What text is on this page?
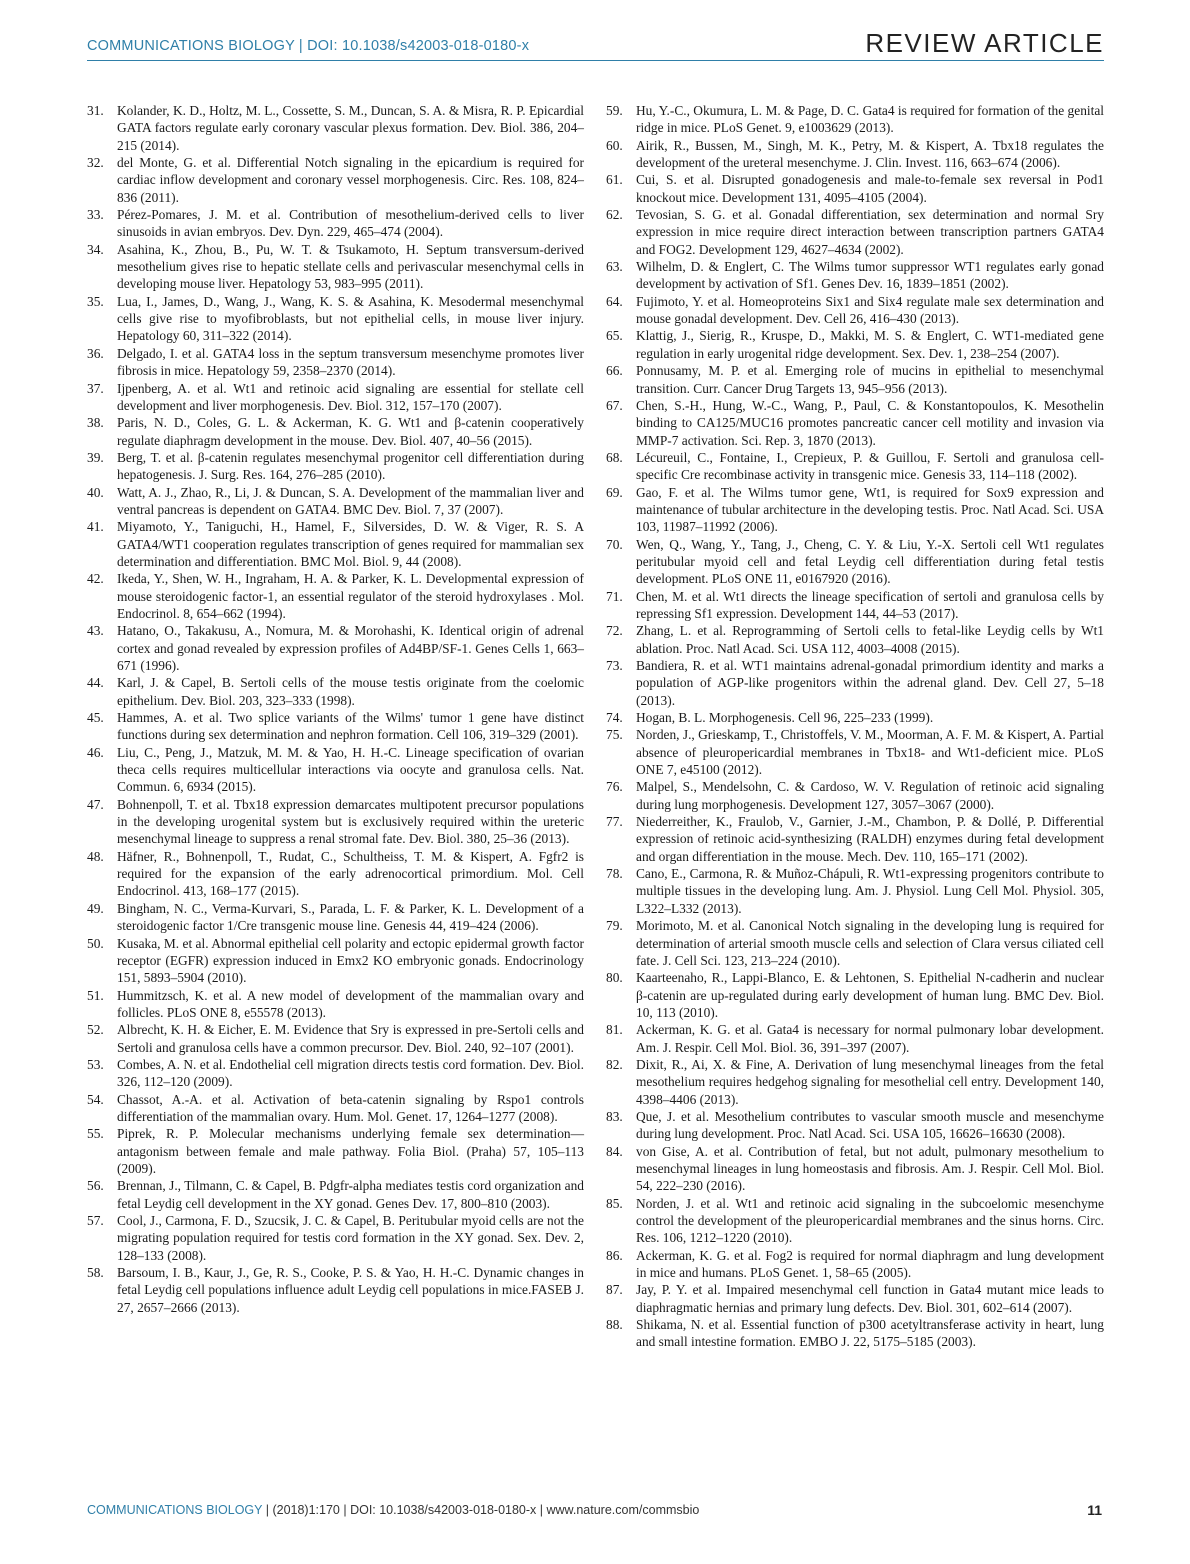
COMMUNICATIONS BIOLOGY | DOI: 10.1038/s42003-018-0180-x	REVIEW ARTICLE
31. Kolander, K. D., Holtz, M. L., Cossette, S. M., Duncan, S. A. & Misra, R. P. Epicardial GATA factors regulate early coronary vascular plexus formation. Dev. Biol. 386, 204–215 (2014).
32. del Monte, G. et al. Differential Notch signaling in the epicardium is required for cardiac inflow development and coronary vessel morphogenesis. Circ. Res. 108, 824–836 (2011).
33. Pérez-Pomares, J. M. et al. Contribution of mesothelium-derived cells to liver sinusoids in avian embryos. Dev. Dyn. 229, 465–474 (2004).
34. Asahina, K., Zhou, B., Pu, W. T. & Tsukamoto, H. Septum transversum-derived mesothelium gives rise to hepatic stellate cells and perivascular mesenchymal cells in developing mouse liver. Hepatology 53, 983–995 (2011).
35. Lua, I., James, D., Wang, J., Wang, K. S. & Asahina, K. Mesodermal mesenchymal cells give rise to myofibroblasts, but not epithelial cells, in mouse liver injury. Hepatology 60, 311–322 (2014).
36. Delgado, I. et al. GATA4 loss in the septum transversum mesenchyme promotes liver fibrosis in mice. Hepatology 59, 2358–2370 (2014).
37. Ijpenberg, A. et al. Wt1 and retinoic acid signaling are essential for stellate cell development and liver morphogenesis. Dev. Biol. 312, 157–170 (2007).
38. Paris, N. D., Coles, G. L. & Ackerman, K. G. Wt1 and β-catenin cooperatively regulate diaphragm development in the mouse. Dev. Biol. 407, 40–56 (2015).
39. Berg, T. et al. β-catenin regulates mesenchymal progenitor cell differentiation during hepatogenesis. J. Surg. Res. 164, 276–285 (2010).
40. Watt, A. J., Zhao, R., Li, J. & Duncan, S. A. Development of the mammalian liver and ventral pancreas is dependent on GATA4. BMC Dev. Biol. 7, 37 (2007).
41. Miyamoto, Y., Taniguchi, H., Hamel, F., Silversides, D. W. & Viger, R. S. A GATA4/WT1 cooperation regulates transcription of genes required for mammalian sex determination and differentiation. BMC Mol. Biol. 9, 44 (2008).
42. Ikeda, Y., Shen, W. H., Ingraham, H. A. & Parker, K. L. Developmental expression of mouse steroidogenic factor-1, an essential regulator of the steroid hydroxylases . Mol. Endocrinol. 8, 654–662 (1994).
43. Hatano, O., Takakusu, A., Nomura, M. & Morohashi, K. Identical origin of adrenal cortex and gonad revealed by expression profiles of Ad4BP/SF-1. Genes Cells 1, 663–671 (1996).
44. Karl, J. & Capel, B. Sertoli cells of the mouse testis originate from the coelomic epithelium. Dev. Biol. 203, 323–333 (1998).
45. Hammes, A. et al. Two splice variants of the Wilms' tumor 1 gene have distinct functions during sex determination and nephron formation. Cell 106, 319–329 (2001).
46. Liu, C., Peng, J., Matzuk, M. M. & Yao, H. H.-C. Lineage specification of ovarian theca cells requires multicellular interactions via oocyte and granulosa cells. Nat. Commun. 6, 6934 (2015).
47. Bohnenpoll, T. et al. Tbx18 expression demarcates multipotent precursor populations in the developing urogenital system but is exclusively required within the ureteric mesenchymal lineage to suppress a renal stromal fate. Dev. Biol. 380, 25–36 (2013).
48. Häfner, R., Bohnenpoll, T., Rudat, C., Schultheiss, T. M. & Kispert, A. Fgfr2 is required for the expansion of the early adrenocortical primordium. Mol. Cell Endocrinol. 413, 168–177 (2015).
49. Bingham, N. C., Verma-Kurvari, S., Parada, L. F. & Parker, K. L. Development of a steroidogenic factor 1/Cre transgenic mouse line. Genesis 44, 419–424 (2006).
50. Kusaka, M. et al. Abnormal epithelial cell polarity and ectopic epidermal growth factor receptor (EGFR) expression induced in Emx2 KO embryonic gonads. Endocrinology 151, 5893–5904 (2010).
51. Hummitzsch, K. et al. A new model of development of the mammalian ovary and follicles. PLoS ONE 8, e55578 (2013).
52. Albrecht, K. H. & Eicher, E. M. Evidence that Sry is expressed in pre-Sertoli cells and Sertoli and granulosa cells have a common precursor. Dev. Biol. 240, 92–107 (2001).
53. Combes, A. N. et al. Endothelial cell migration directs testis cord formation. Dev. Biol. 326, 112–120 (2009).
54. Chassot, A.-A. et al. Activation of beta-catenin signaling by Rspo1 controls differentiation of the mammalian ovary. Hum. Mol. Genet. 17, 1264–1277 (2008).
55. Piprek, R. P. Molecular mechanisms underlying female sex determination—antagonism between female and male pathway. Folia Biol. (Praha) 57, 105–113 (2009).
56. Brennan, J., Tilmann, C. & Capel, B. Pdgfr-alpha mediates testis cord organization and fetal Leydig cell development in the XY gonad. Genes Dev. 17, 800–810 (2003).
57. Cool, J., Carmona, F. D., Szucsik, J. C. & Capel, B. Peritubular myoid cells are not the migrating population required for testis cord formation in the XY gonad. Sex. Dev. 2, 128–133 (2008).
58. Barsoum, I. B., Kaur, J., Ge, R. S., Cooke, P. S. & Yao, H. H.-C. Dynamic changes in fetal Leydig cell populations influence adult Leydig cell populations in mice.FASEB J. 27, 2657–2666 (2013).
59. Hu, Y.-C., Okumura, L. M. & Page, D. C. Gata4 is required for formation of the genital ridge in mice. PLoS Genet. 9, e1003629 (2013).
60. Airik, R., Bussen, M., Singh, M. K., Petry, M. & Kispert, A. Tbx18 regulates the development of the ureteral mesenchyme. J. Clin. Invest. 116, 663–674 (2006).
61. Cui, S. et al. Disrupted gonadogenesis and male-to-female sex reversal in Pod1 knockout mice. Development 131, 4095–4105 (2004).
62. Tevosian, S. G. et al. Gonadal differentiation, sex determination and normal Sry expression in mice require direct interaction between transcription partners GATA4 and FOG2. Development 129, 4627–4634 (2002).
63. Wilhelm, D. & Englert, C. The Wilms tumor suppressor WT1 regulates early gonad development by activation of Sf1. Genes Dev. 16, 1839–1851 (2002).
64. Fujimoto, Y. et al. Homeoproteins Six1 and Six4 regulate male sex determination and mouse gonadal development. Dev. Cell 26, 416–430 (2013).
65. Klattig, J., Sierig, R., Kruspe, D., Makki, M. S. & Englert, C. WT1-mediated gene regulation in early urogenital ridge development. Sex. Dev. 1, 238–254 (2007).
66. Ponnusamy, M. P. et al. Emerging role of mucins in epithelial to mesenchymal transition. Curr. Cancer Drug Targets 13, 945–956 (2013).
67. Chen, S.-H., Hung, W.-C., Wang, P., Paul, C. & Konstantopoulos, K. Mesothelin binding to CA125/MUC16 promotes pancreatic cancer cell motility and invasion via MMP-7 activation. Sci. Rep. 3, 1870 (2013).
68. Lécureuil, C., Fontaine, I., Crepieux, P. & Guillou, F. Sertoli and granulosa cell-specific Cre recombinase activity in transgenic mice. Genesis 33, 114–118 (2002).
69. Gao, F. et al. The Wilms tumor gene, Wt1, is required for Sox9 expression and maintenance of tubular architecture in the developing testis. Proc. Natl Acad. Sci. USA 103, 11987–11992 (2006).
70. Wen, Q., Wang, Y., Tang, J., Cheng, C. Y. & Liu, Y.-X. Sertoli cell Wt1 regulates peritubular myoid cell and fetal Leydig cell differentiation during fetal testis development. PLoS ONE 11, e0167920 (2016).
71. Chen, M. et al. Wt1 directs the lineage specification of sertoli and granulosa cells by repressing Sf1 expression. Development 144, 44–53 (2017).
72. Zhang, L. et al. Reprogramming of Sertoli cells to fetal-like Leydig cells by Wt1 ablation. Proc. Natl Acad. Sci. USA 112, 4003–4008 (2015).
73. Bandiera, R. et al. WT1 maintains adrenal-gonadal primordium identity and marks a population of AGP-like progenitors within the adrenal gland. Dev. Cell 27, 5–18 (2013).
74. Hogan, B. L. Morphogenesis. Cell 96, 225–233 (1999).
75. Norden, J., Grieskamp, T., Christoffels, V. M., Moorman, A. F. M. & Kispert, A. Partial absence of pleuropericardial membranes in Tbx18- and Wt1-deficient mice. PLoS ONE 7, e45100 (2012).
76. Malpel, S., Mendelsohn, C. & Cardoso, W. V. Regulation of retinoic acid signaling during lung morphogenesis. Development 127, 3057–3067 (2000).
77. Niederreither, K., Fraulob, V., Garnier, J.-M., Chambon, P. & Dollé, P. Differential expression of retinoic acid-synthesizing (RALDH) enzymes during fetal development and organ differentiation in the mouse. Mech. Dev. 110, 165–171 (2002).
78. Cano, E., Carmona, R. & Muñoz-Chápuli, R. Wt1-expressing progenitors contribute to multiple tissues in the developing lung. Am. J. Physiol. Lung Cell Mol. Physiol. 305, L322–L332 (2013).
79. Morimoto, M. et al. Canonical Notch signaling in the developing lung is required for determination of arterial smooth muscle cells and selection of Clara versus ciliated cell fate. J. Cell Sci. 123, 213–224 (2010).
80. Kaarteenaho, R., Lappi-Blanco, E. & Lehtonen, S. Epithelial N-cadherin and nuclear β-catenin are up-regulated during early development of human lung. BMC Dev. Biol. 10, 113 (2010).
81. Ackerman, K. G. et al. Gata4 is necessary for normal pulmonary lobar development. Am. J. Respir. Cell Mol. Biol. 36, 391–397 (2007).
82. Dixit, R., Ai, X. & Fine, A. Derivation of lung mesenchymal lineages from the fetal mesothelium requires hedgehog signaling for mesothelial cell entry. Development 140, 4398–4406 (2013).
83. Que, J. et al. Mesothelium contributes to vascular smooth muscle and mesenchyme during lung development. Proc. Natl Acad. Sci. USA 105, 16626–16630 (2008).
84. von Gise, A. et al. Contribution of fetal, but not adult, pulmonary mesothelium to mesenchymal lineages in lung homeostasis and fibrosis. Am. J. Respir. Cell Mol. Biol. 54, 222–230 (2016).
85. Norden, J. et al. Wt1 and retinoic acid signaling in the subcoelomic mesenchyme control the development of the pleuropericardial membranes and the sinus horns. Circ. Res. 106, 1212–1220 (2010).
86. Ackerman, K. G. et al. Fog2 is required for normal diaphragm and lung development in mice and humans. PLoS Genet. 1, 58–65 (2005).
87. Jay, P. Y. et al. Impaired mesenchymal cell function in Gata4 mutant mice leads to diaphragmatic hernias and primary lung defects. Dev. Biol. 301, 602–614 (2007).
88. Shikama, N. et al. Essential function of p300 acetyltransferase activity in heart, lung and small intestine formation. EMBO J. 22, 5175–5185 (2003).
COMMUNICATIONS BIOLOGY | (2018)1:170 | DOI: 10.1038/s42003-018-0180-x | www.nature.com/commsbio	11
